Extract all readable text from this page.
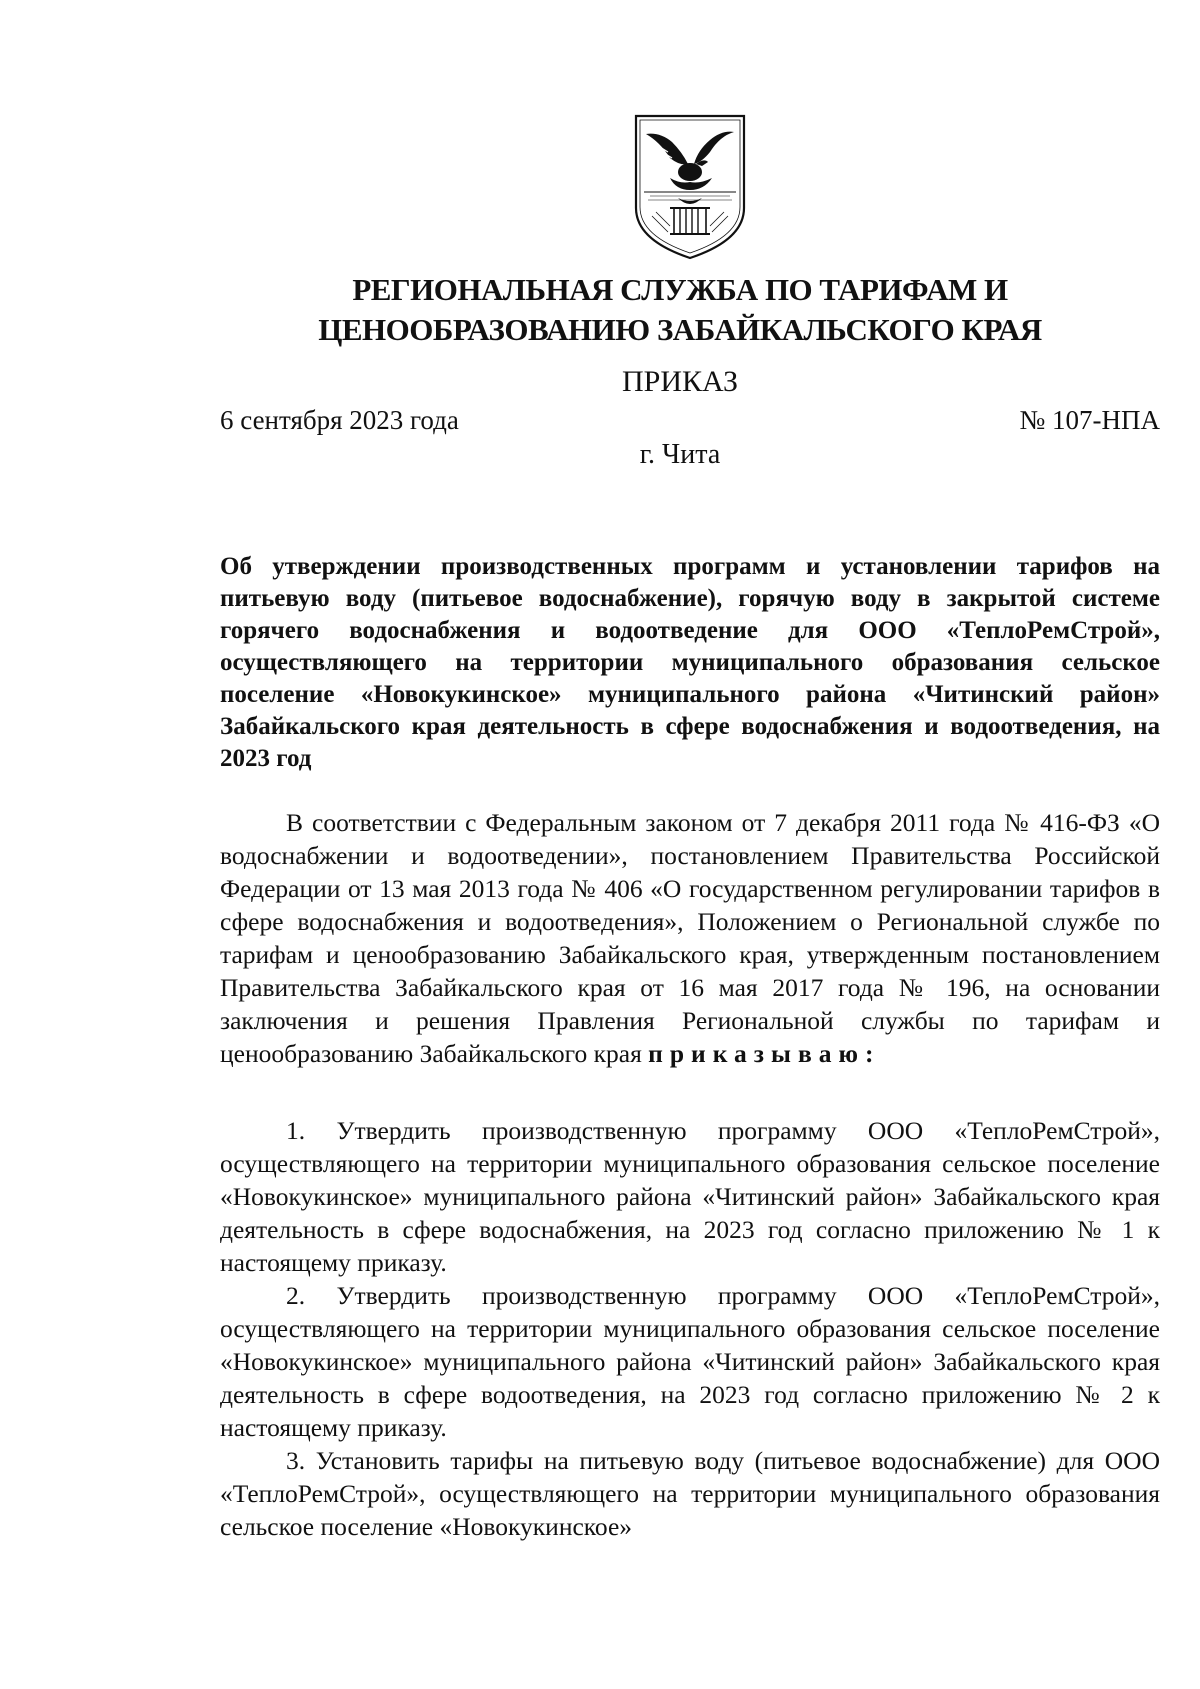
РЕГИОНАЛЬНАЯ СЛУЖБА ПО ТАРИФАМ И
ЦЕНООБРАЗОВАНИЮ ЗАБАЙКАЛЬСКОГО КРАЯ
ПРИКАЗ
6 сентября 2023 года	№ 107-НПА
г. Чита
Об утверждении производственных программ и установлении тарифов на питьевую воду (питьевое водоснабжение), горячую воду в закрытой системе горячего водоснабжения и водоотведение для ООО «ТеплоРемСтрой», осуществляющего на территории муниципального образования сельское поселение «Новокукинское» муниципального района «Читинский район» Забайкальского края деятельность в сфере водоснабжения и водоотведения, на 2023 год

В соответствии с Федеральным законом от 7 декабря 2011 года № 416-ФЗ «О водоснабжении и водоотведении», постановлением Правительства Российской Федерации от 13 мая 2013 года № 406 «О государственном регулировании тарифов в сфере водоснабжения и водоотведения», Положением о Региональной службе по тарифам и ценообразованию Забайкальского края, утвержденным постановлением Правительства Забайкальского края от 16 мая 2017 года № 196, на основании заключения и решения Правления Региональной службы по тарифам и ценообразованию Забайкальского края приказываю:

1. Утвердить производственную программу ООО «ТеплоРемСтрой», осуществляющего на территории муниципального образования сельское поселение «Новокукинское» муниципального района «Читинский район» Забайкальского края деятельность в сфере водоснабжения, на 2023 год согласно приложению № 1 к настоящему приказу.

2. Утвердить производственную программу ООО «ТеплоРемСтрой», осуществляющего на территории муниципального образования сельское поселение «Новокукинское» муниципального района «Читинский район» Забайкальского края деятельность в сфере водоотведения, на 2023 год согласно приложению № 2 к настоящему приказу.

3. Установить тарифы на питьевую воду (питьевое водоснабжение) для ООО «ТеплоРемСтрой», осуществляющего на территории муниципального образования сельское поселение «Новокукинское»
